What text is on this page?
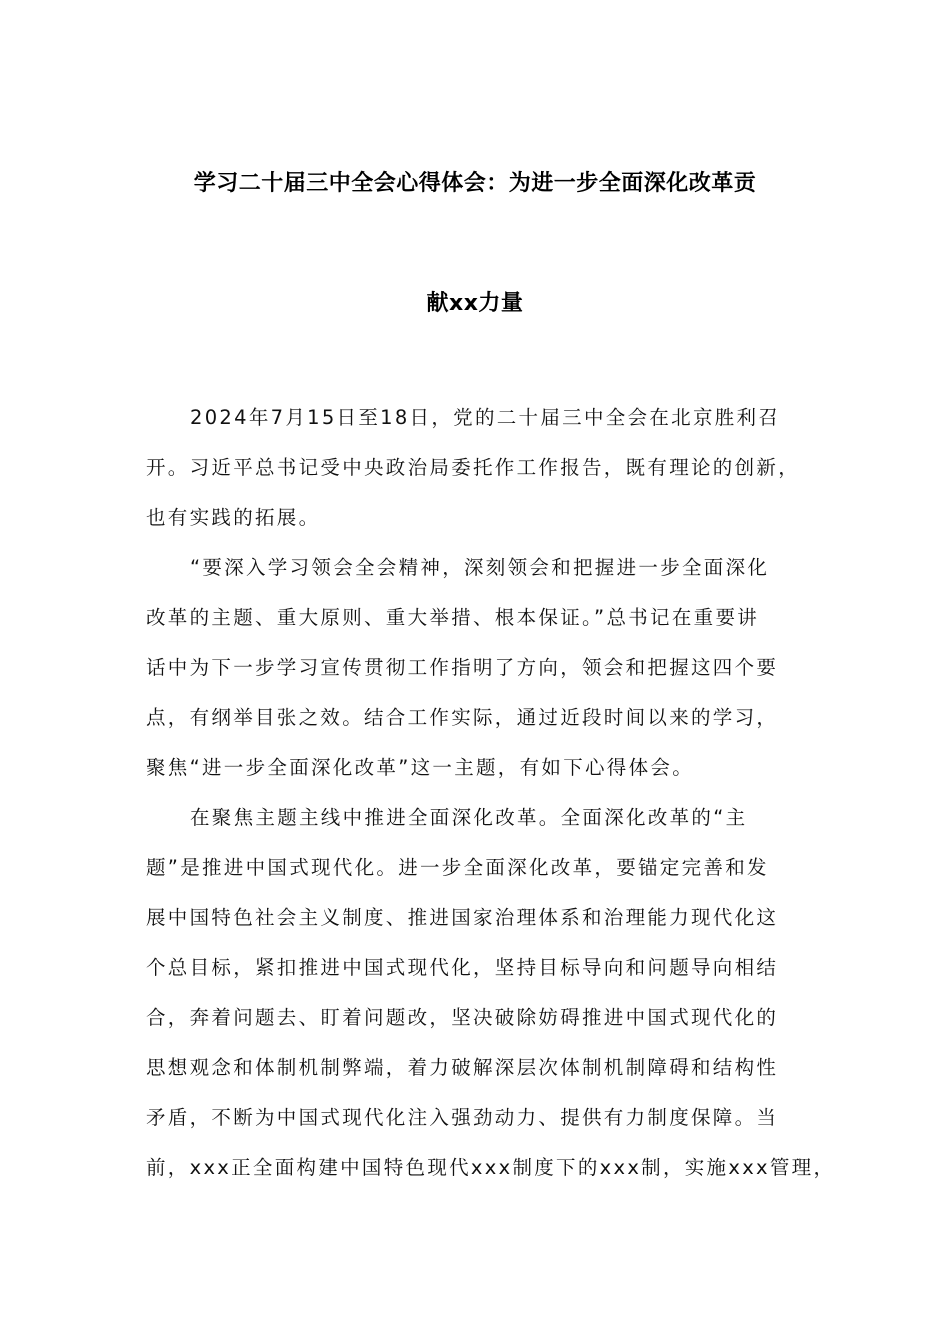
学习二十届三中全会心得体会：为进一步全面深化改革贡
献xx力量
2024年7月15日至18日，党的二十届三中全会在北京胜利召
开。习近平总书记受中央政治局委托作工作报告，既有理论的创新，
也有实践的拓展。
“要深入学习领会全会精神，深刻领会和把握进一步全面深化
改革的主题、重大原则、重大举措、根本保证。”总书记在重要讲
话中为下一步学习宣传贯彻工作指明了方向，领会和把握这四个要
点，有纲举目张之效。结合工作实际，通过近段时间以来的学习，
聚焦“进一步全面深化改革”这一主题，有如下心得体会。
在聚焦主题主线中推进全面深化改革。全面深化改革的“主
题”是推进中国式现代化。进一步全面深化改革，要锚定完善和发
展中国特色社会主义制度、推进国家治理体系和治理能力现代化这
个总目标，紧扣推进中国式现代化，坚持目标导向和问题导向相结
合，奔着问题去、盯着问题改，坚决破除妨碍推进中国式现代化的
思想观念和体制机制弊端，着力破解深层次体制机制障碍和结构性
矛盾，不断为中国式现代化注入强劲动力、提供有力制度保障。当
前，xxx正全面构建中国特色现代xxx制度下的xxx制，实施xxx管理，
